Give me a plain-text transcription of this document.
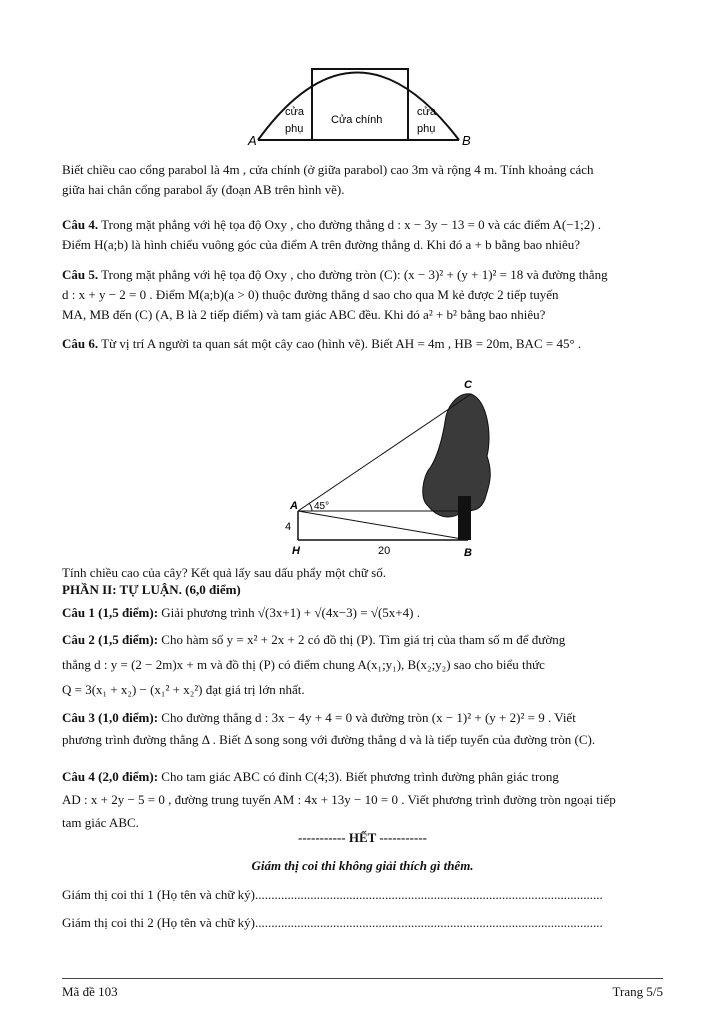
cửa
phụ
Cửa chính
cửa
phụ
A	B
Biết chiều cao cổng parabol là 4m , cửa chính (ở giữa parabol) cao 3m và rộng 4 m. Tính khoảng cách
giữa hai chân cổng parabol ấy (đoạn AB trên hình vẽ).
Câu 4. Trong mặt phẳng với hệ tọa độ Oxy , cho đường thẳng d : x − 3y − 13 = 0 và các điểm A(−1;2) .
Điểm H(a;b) là hình chiếu vuông góc của điểm A trên đường thẳng d. Khi đó a + b bằng bao nhiêu?
Câu 5. Trong mặt phẳng với hệ tọa độ Oxy , cho đường tròn (C): (x − 3)² + (y + 1)² = 18 và đường thẳng
d : x + y − 2 = 0 . Điểm M(a;b)(a > 0) thuộc đường thẳng d sao cho qua M kẻ được 2 tiếp tuyến
MA, MB đến (C) (A, B là 2 tiếp điểm) và tam giác ABC đều. Khi đó a² + b² bằng bao nhiêu?
Câu 6. Từ vị trí A người ta quan sát một cây cao (hình vẽ). Biết AH = 4m , HB = 20m, BAC = 45° .
C
A
H	B
45°
4
20
Tính chiều cao của cây? Kết quả lấy sau dấu phẩy một chữ số.
PHẦN II: TỰ LUẬN. (6,0 điểm)
Câu 1 (1,5 điểm): Giải phương trình √(3x+1) + √(4x−3) = √(5x+4) .
Câu 2 (1,5 điểm): Cho hàm số y = x² + 2x + 2 có đồ thị (P). Tìm giá trị của tham số m để đường
thẳng d : y = (2 − 2m)x + m và đồ thị (P) có điểm chung A(x₁;y₁), B(x₂;y₂) sao cho biểu thức
Q = 3(x₁ + x₂) − (x₁² + x₂²) đạt giá trị lớn nhất.
Câu 3 (1,0 điểm): Cho đường thẳng d : 3x − 4y + 4 = 0 và đường tròn (x − 1)² + (y + 2)² = 9 . Viết
phương trình đường thẳng Δ . Biết Δ song song với đường thẳng d và là tiếp tuyến của đường tròn (C).
Câu 4 (2,0 điểm): Cho tam giác ABC có đỉnh C(4;3). Biết phương trình đường phân giác trong
AD : x + 2y − 5 = 0 , đường trung tuyến AM : 4x + 13y − 10 = 0 . Viết phương trình đường tròn ngoại tiếp
tam giác ABC.
----------- HẾT -----------
Giám thị coi thi không giải thích gì thêm.
Giám thị coi thi 1 (Họ tên và chữ ký)...........................................................................................................
Giám thị coi thi 2 (Họ tên và chữ ký)...........................................................................................................
Mã đề 103	Trang 5/5
